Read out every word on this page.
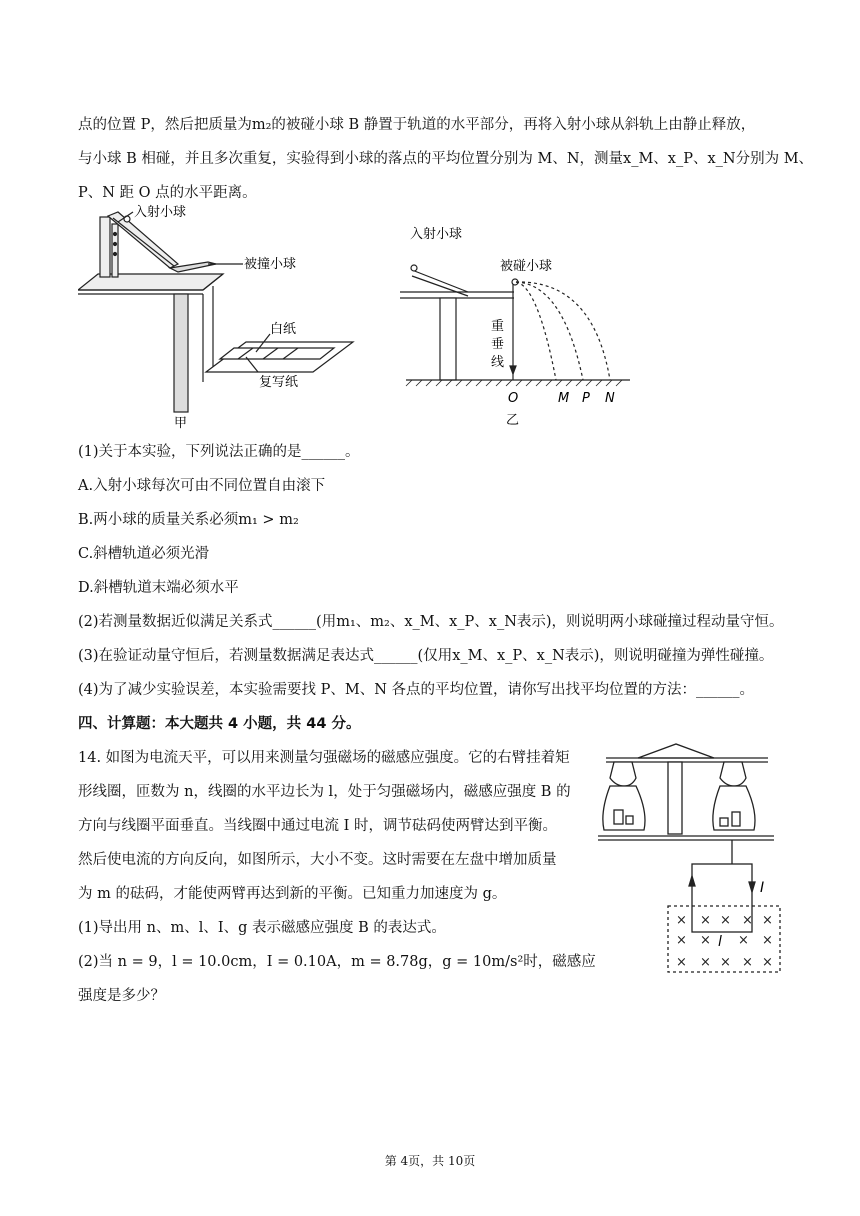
点的位置 P，然后把质量为m₂的被碰小球 B 静置于轨道的水平部分，再将入射小球从斜轨上由静止释放，
与小球 B 相碰，并且多次重复，实验得到小球的落点的平均位置分别为 M、N，测量x_M、x_P、x_N分别为 M、
P、N 距 O 点的水平距离。
入射小球
被撞小球
白纸
复写纸
甲
入射小球
被碰小球
重
垂
线
O	M P N
乙
(1)关于本实验，下列说法正确的是______。
A.入射小球每次可由不同位置自由滚下
B.两小球的质量关系必须m₁ > m₂
C.斜槽轨道必须光滑
D.斜槽轨道末端必须水平
(2)若测量数据近似满足关系式______(用m₁、m₂、x_M、x_P、x_N表示)，则说明两小球碰撞过程动量守恒。
(3)在验证动量守恒后，若测量数据满足表达式______(仅用x_M、x_P、x_N表示)，则说明碰撞为弹性碰撞。
(4)为了减少实验误差，本实验需要找 P、M、N 各点的平均位置，请你写出找平均位置的方法：______。
四、计算题：本大题共 4 小题，共 44 分。
14. 如图为电流天平，可以用来测量匀强磁场的磁感应强度。它的右臂挂着矩
形线圈，匝数为 n，线圈的水平边长为 l，处于匀强磁场内，磁感应强度 B 的
方向与线圈平面垂直。当线圈中通过电流 I 时，调节砝码使两臂达到平衡。
然后使电流的方向反向，如图所示，大小不变。这时需要在左盘中增加质量
为 m 的砝码，才能使两臂再达到新的平衡。已知重力加速度为 g。
(1)导出用 n、m、l、I、g 表示磁感应强度 B 的表达式。
(2)当 n = 9，l = 10.0cm，I = 0.10A，m = 8.78g，g = 10m/s²时，磁感应
强度是多少？
× × × × ×
× × × ×
× × × × ×
I
l
第 4页，共 10页
